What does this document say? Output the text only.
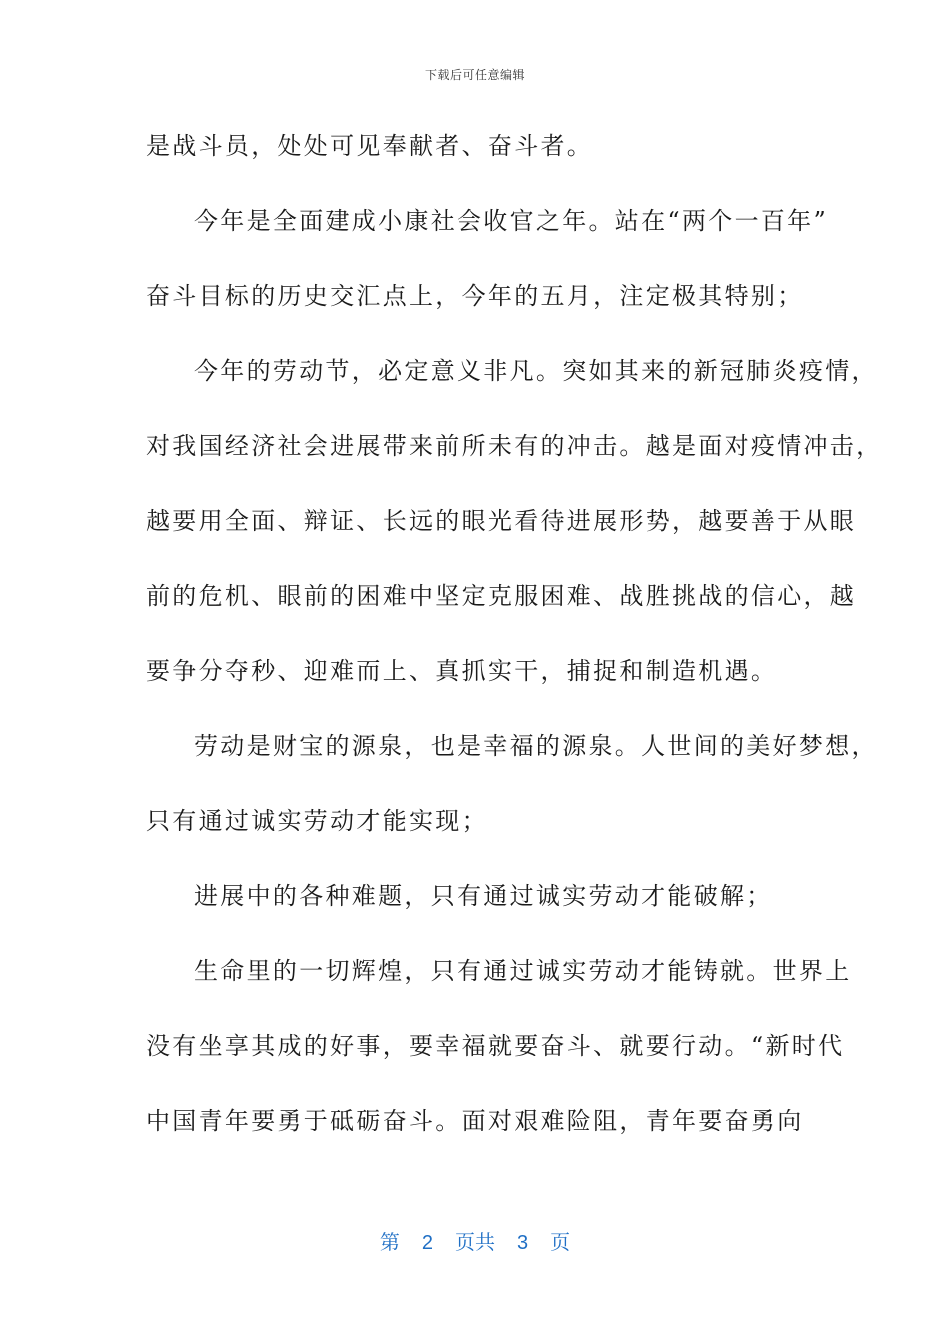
下载后可任意编辑
是战斗员，处处可见奉献者、奋斗者。
今年是全面建成小康社会收官之年。站在“两个一百年”
奋斗目标的历史交汇点上，今年的五月，注定极其特别；
今年的劳动节，必定意义非凡。突如其来的新冠肺炎疫情，
对我国经济社会进展带来前所未有的冲击。越是面对疫情冲击，
越要用全面、辩证、长远的眼光看待进展形势，越要善于从眼
前的危机、眼前的困难中坚定克服困难、战胜挑战的信心，越
要争分夺秒、迎难而上、真抓实干，捕捉和制造机遇。
劳动是财宝的源泉，也是幸福的源泉。人世间的美好梦想，
只有通过诚实劳动才能实现；
进展中的各种难题，只有通过诚实劳动才能破解；
生命里的一切辉煌，只有通过诚实劳动才能铸就。世界上
没有坐享其成的好事，要幸福就要奋斗、就要行动。“新时代
中国青年要勇于砥砺奋斗。面对艰难险阻，青年要奋勇向
第 2 页共 3 页
